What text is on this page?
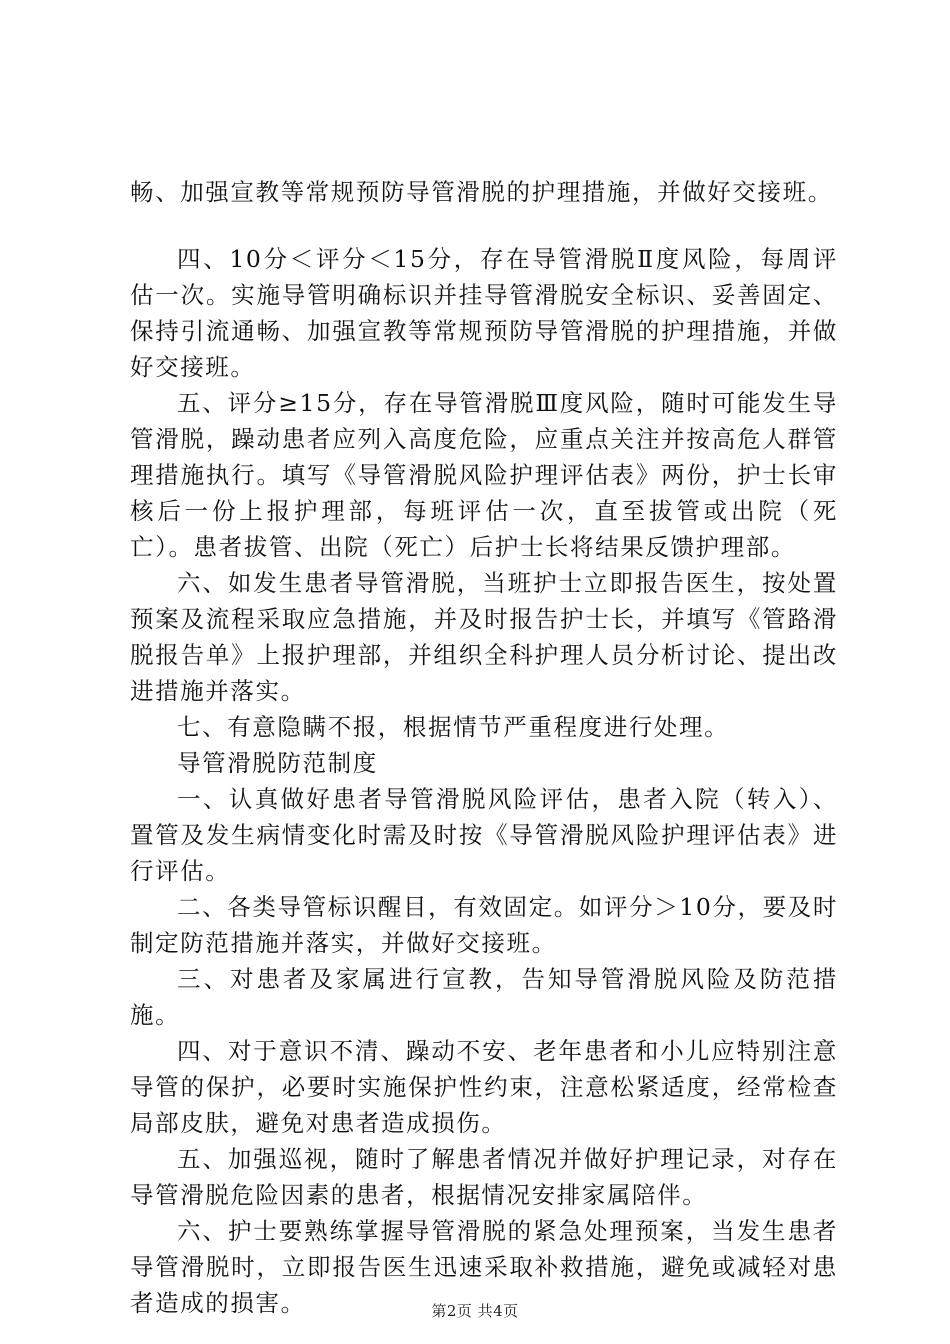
畅、加强宣教等常规预防导管滑脱的护理措施，并做好交接班。

四、10分＜评分＜15分，存在导管滑脱Ⅱ度风险，每周评估一次。实施导管明确标识并挂导管滑脱安全标识、妥善固定、保持引流通畅、加强宣教等常规预防导管滑脱的护理措施，并做好交接班。

五、评分≥15分，存在导管滑脱Ⅲ度风险，随时可能发生导管滑脱，躁动患者应列入高度危险，应重点关注并按高危人群管理措施执行。填写《导管滑脱风险护理评估表》两份，护士长审核后一份上报护理部，每班评估一次，直至拔管或出院（死亡）。患者拔管、出院（死亡）后护士长将结果反馈护理部。

六、如发生患者导管滑脱，当班护士立即报告医生，按处置预案及流程采取应急措施，并及时报告护士长，并填写《管路滑脱报告单》上报护理部，并组织全科护理人员分析讨论、提出改进措施并落实。

七、有意隐瞒不报，根据情节严重程度进行处理。

导管滑脱防范制度

一、认真做好患者导管滑脱风险评估，患者入院（转入）、置管及发生病情变化时需及时按《导管滑脱风险护理评估表》进行评估。

二、各类导管标识醒目，有效固定。如评分＞10分，要及时制定防范措施并落实，并做好交接班。

三、对患者及家属进行宣教，告知导管滑脱风险及防范措施。

四、对于意识不清、躁动不安、老年患者和小儿应特别注意导管的保护，必要时实施保护性约束，注意松紧适度，经常检查局部皮肤，避免对患者造成损伤。

五、加强巡视，随时了解患者情况并做好护理记录，对存在导管滑脱危险因素的患者，根据情况安排家属陪伴。

六、护士要熟练掌握导管滑脱的紧急处理预案，当发生患者导管滑脱时，立即报告医生迅速采取补救措施，避免或减轻对患者造成的损害。	第2页 共4页
